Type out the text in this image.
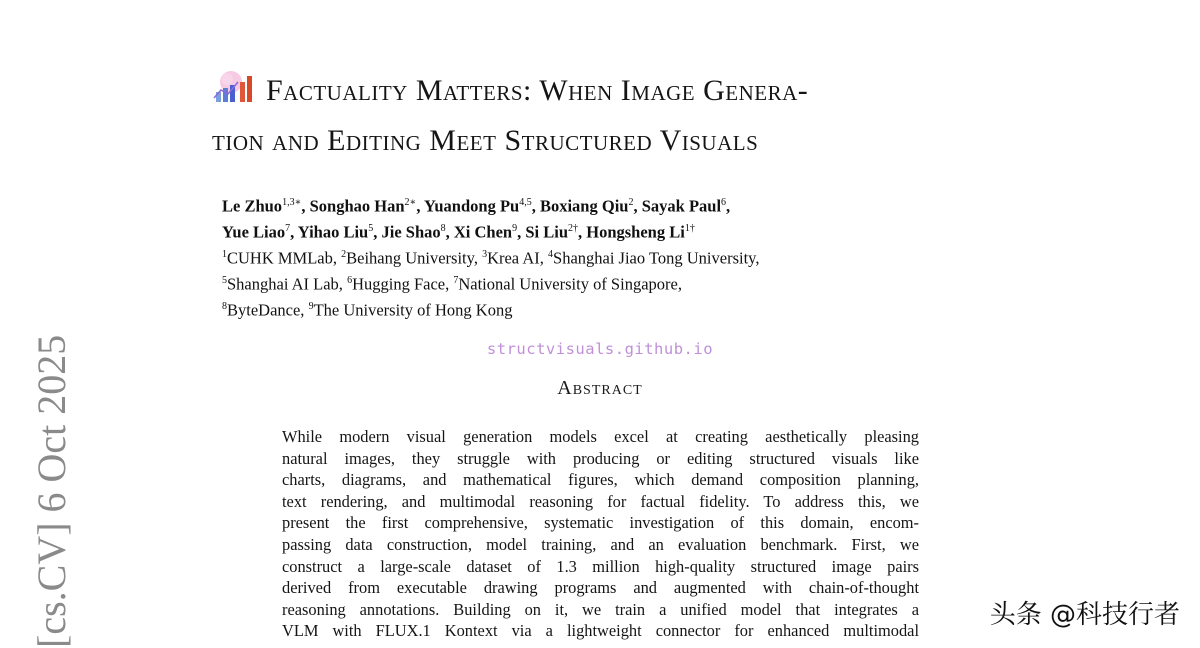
Factuality Matters: When Image Genera-
tion and Editing Meet Structured Visuals
Le Zhuo$^{1,3∗}$, Songhao Han$^{2∗}$, Yuandong Pu$^{4,5}$, Boxiang Qiu$^2$, Sayak Paul$^6$,
Yue Liao$^7$, Yihao Liu$^5$, Jie Shao$^8$, Xi Chen$^9$, Si Liu$^{2\dagger}$, Hongsheng $Li^{1\dagger}$
$^1$CUHK MMLab, $^2$Beihang University, $^3$Krea AI, $^4$Shanghai Jiao Tong University,
$^5$Shanghai AI Lab, $^6$Hugging Face, $^7$National University of Singapore,
$^8$ByteDance, $^9$The University of Hong Kong
structvisuals.github.io
Abstract
While modern visual generation models excel at creating aesthetically pleasing
natural images, they struggle with producing or editing structured visuals like
charts, diagrams, and mathematical figures, which demand composition planning,
text rendering, and multimodal reasoning for factual fidelity. To address this, we
present the first comprehensive, systematic investigation of this domain, encom-
passing data construction, model training, and an evaluation benchmark. First, we
construct a large-scale dataset of 1.3 million high-quality structured image pairs
derived from executable drawing programs and augmented with chain-of-thought
reasoning annotations. Building on it, we train a unified model that integrates a
VLM with FLUX.1 Kontext via a lightweight connector for enhanced multimodal
[cs.CV] 6 Oct 2025	头条 @科技行者
